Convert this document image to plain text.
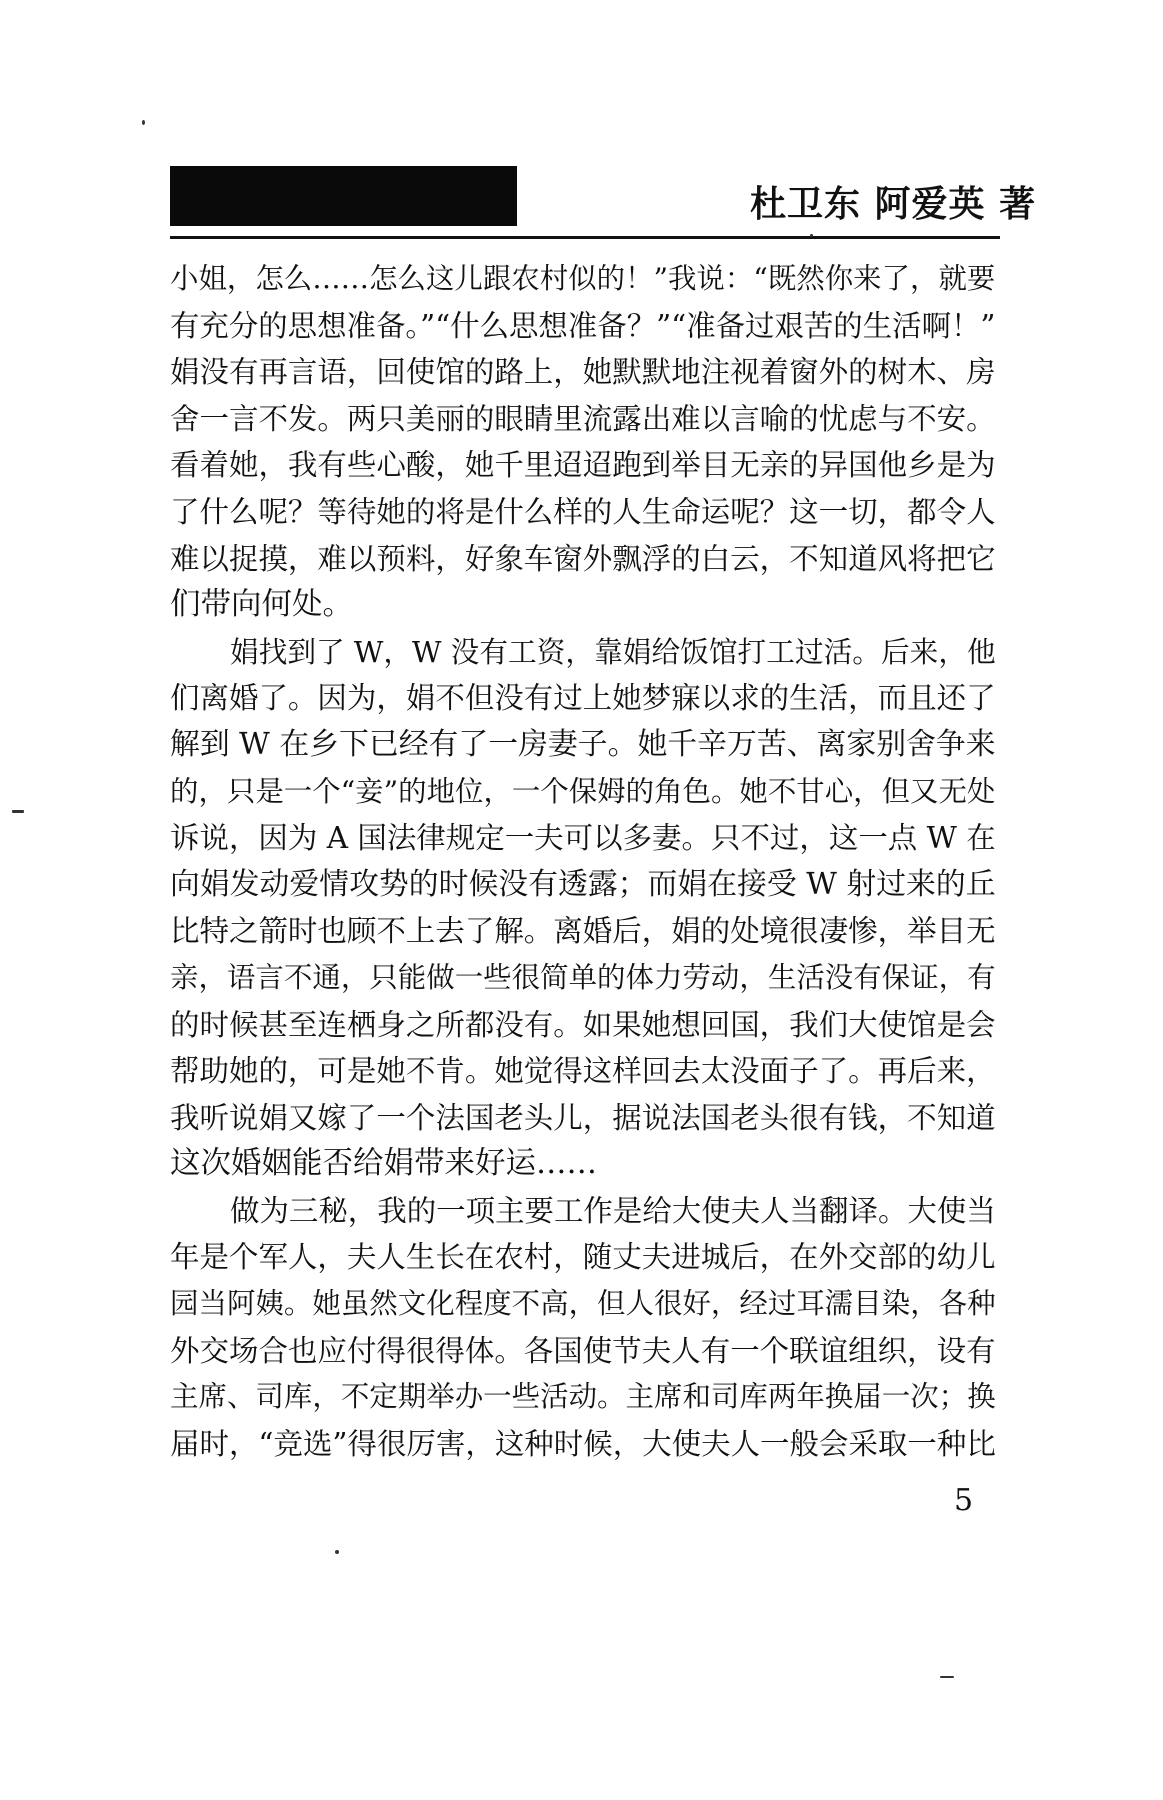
杜卫东 阿爱英 著
小姐，怎么……怎么这儿跟农村似的！”我说：“既然你来了，就要
有充分的思想准备。”“什么思想准备？”“准备过艰苦的生活啊！”
娟没有再言语，回使馆的路上，她默默地注视着窗外的树木、房
舍一言不发。两只美丽的眼睛里流露出难以言喻的忧虑与不安。
看着她，我有些心酸，她千里迢迢跑到举目无亲的异国他乡是为
了什么呢？等待她的将是什么样的人生命运呢？这一切，都令人
难以捉摸，难以预料，好象车窗外飘浮的白云，不知道风将把它
们带向何处。
娟找到了 W，W 没有工资，靠娟给饭馆打工过活。后来，他
们离婚了。因为，娟不但没有过上她梦寐以求的生活，而且还了
解到 W 在乡下已经有了一房妻子。她千辛万苦、离家别舍争来
的，只是一个“妾”的地位，一个保姆的角色。她不甘心，但又无处
诉说，因为 A 国法律规定一夫可以多妻。只不过，这一点 W 在
向娟发动爱情攻势的时候没有透露；而娟在接受 W 射过来的丘
比特之箭时也顾不上去了解。离婚后，娟的处境很凄惨，举目无
亲，语言不通，只能做一些很简单的体力劳动，生活没有保证，有
的时候甚至连栖身之所都没有。如果她想回国，我们大使馆是会
帮助她的，可是她不肯。她觉得这样回去太没面子了。再后来，
我听说娟又嫁了一个法国老头儿，据说法国老头很有钱，不知道
这次婚姻能否给娟带来好运……
做为三秘，我的一项主要工作是给大使夫人当翻译。大使当
年是个军人，夫人生长在农村，随丈夫进城后，在外交部的幼儿
园当阿姨。她虽然文化程度不高，但人很好，经过耳濡目染，各种
外交场合也应付得很得体。各国使节夫人有一个联谊组织，设有
主席、司库，不定期举办一些活动。主席和司库两年换届一次；换
届时，“竞选”得很厉害，这种时候，大使夫人一般会采取一种比
5
